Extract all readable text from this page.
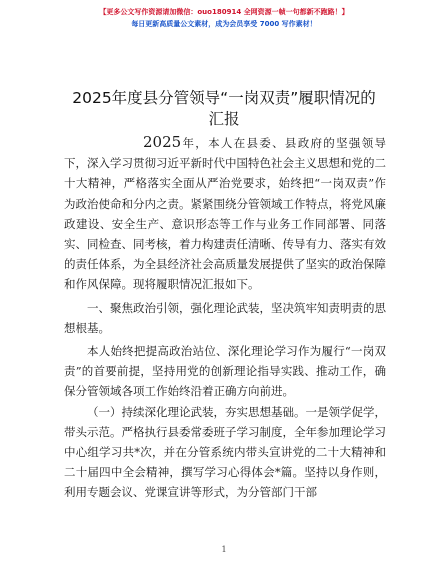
【更多公文写作资源请加微信：ouo180914 全网资源一帧一句都新不跑路！】
每日更新高质量公文素材，成为会员享受 7000 写作素材！
2025年度县分管领导“一岗双责”履职情况的
汇报

2025年，本人在县委、县政府的坚强领导下，深入学习贯彻习近平新时代中国特色社会主义思想和党的二十大精神，严格落实全面从严治党要求，始终把“一岗双责”作为政治使命和分内之责。紧紧围绕分管领域工作特点，将党风廉政建设、安全生产、意识形态等工作与业务工作同部署、同落实、同检查、同考核，着力构建责任清晰、传导有力、落实有效的责任体系，为全县经济社会高质量发展提供了坚实的政治保障和作风保障。现将履职情况汇报如下。

一、聚焦政治引领，强化理论武装，坚决筑牢知责明责的思想根基。

本人始终把提高政治站位、深化理论学习作为履行“一岗双责”的首要前提，坚持用党的创新理论指导实践、推动工作，确保分管领域各项工作始终沿着正确方向前进。

（一）持续深化理论武装，夯实思想基础。一是领学促学，带头示范。严格执行县委常委班子学习制度，全年参加理论学习中心组学习共*次，并在分管系统内带头宣讲党的二十大精神和二十届四中全会精神，撰写学习心得体会*篇。坚持以身作则，利用专题会议、党课宣讲等形式，为分管部门干部

1
